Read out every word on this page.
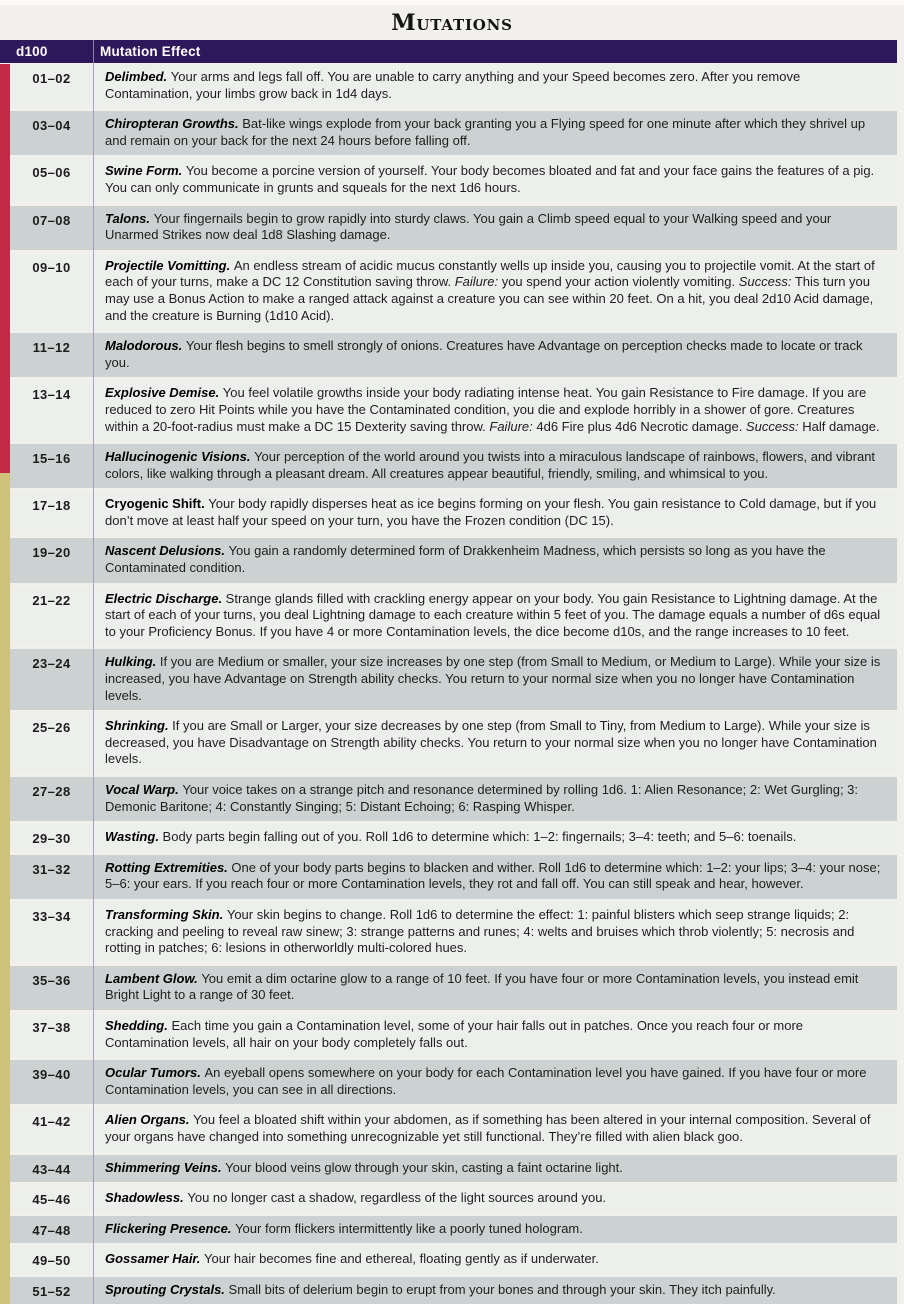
Mutations
d100	Mutation Effect
01–02	Delimbed. Your arms and legs fall off. You are unable to carry anything and your Speed becomes zero. After you remove Contamination, your limbs grow back in 1d4 days.
03–04	Chiropteran Growths. Bat-like wings explode from your back granting you a Flying speed for one minute after which they shrivel up and remain on your back for the next 24 hours before falling off.
05–06	Swine Form. You become a porcine version of yourself. Your body becomes bloated and fat and your face gains the features of a pig. You can only communicate in grunts and squeals for the next 1d6 hours.
07–08	Talons. Your fingernails begin to grow rapidly into sturdy claws. You gain a Climb speed equal to your Walking speed and your Unarmed Strikes now deal 1d8 Slashing damage.
09–10	Projectile Vomitting. An endless stream of acidic mucus constantly wells up inside you, causing you to projectile vomit. At the start of each of your turns, make a DC 12 Constitution saving throw. Failure: you spend your action violently vomiting. Success: This turn you may use a Bonus Action to make a ranged attack against a creature you can see within 20 feet. On a hit, you deal 2d10 Acid damage, and the creature is Burning (1d10 Acid).
11–12	Malodorous. Your flesh begins to smell strongly of onions. Creatures have Advantage on perception checks made to locate or track you.
13–14	Explosive Demise. You feel volatile growths inside your body radiating intense heat. You gain Resistance to Fire damage. If you are reduced to zero Hit Points while you have the Contaminated condition, you die and explode horribly in a shower of gore. Creatures within a 20-foot-radius must make a DC 15 Dexterity saving throw. Failure: 4d6 Fire plus 4d6 Necrotic damage. Success: Half damage.
15–16	Hallucinogenic Visions. Your perception of the world around you twists into a miraculous landscape of rainbows, flowers, and vibrant colors, like walking through a pleasant dream. All creatures appear beautiful, friendly, smiling, and whimsical to you.
17–18	Cryogenic Shift. Your body rapidly disperses heat as ice begins forming on your flesh. You gain resistance to Cold damage, but if you don’t move at least half your speed on your turn, you have the Frozen condition (DC 15).
19–20	Nascent Delusions. You gain a randomly determined form of Drakkenheim Madness, which persists so long as you have the Contaminated condition.
21–22	Electric Discharge. Strange glands filled with crackling energy appear on your body. You gain Resistance to Lightning damage. At the start of each of your turns, you deal Lightning damage to each creature within 5 feet of you. The damage equals a number of d6s equal to your Proficiency Bonus. If you have 4 or more Contamination levels, the dice become d10s, and the range increases to 10 feet.
23–24	Hulking. If you are Medium or smaller, your size increases by one step (from Small to Medium, or Medium to Large). While your size is increased, you have Advantage on Strength ability checks. You return to your normal size when you no longer have Contamination levels.
25–26	Shrinking. If you are Small or Larger, your size decreases by one step (from Small to Tiny, from Medium to Large). While your size is decreased, you have Disadvantage on Strength ability checks. You return to your normal size when you no longer have Contamination levels.
27–28	Vocal Warp. Your voice takes on a strange pitch and resonance determined by rolling 1d6. 1: Alien Resonance; 2: Wet Gurgling; 3: Demonic Baritone; 4: Constantly Singing; 5: Distant Echoing; 6: Rasping Whisper.
29–30	Wasting. Body parts begin falling out of you. Roll 1d6 to determine which: 1–2: fingernails; 3–4: teeth; and 5–6: toenails.
31–32	Rotting Extremities. One of your body parts begins to blacken and wither. Roll 1d6 to determine which: 1–2: your lips; 3–4: your nose; 5–6: your ears. If you reach four or more Contamination levels, they rot and fall off. You can still speak and hear, however.
33–34	Transforming Skin. Your skin begins to change. Roll 1d6 to determine the effect: 1: painful blisters which seep strange liquids; 2: cracking and peeling to reveal raw sinew; 3: strange patterns and runes; 4: welts and bruises which throb violently; 5: necrosis and rotting in patches; 6: lesions in otherworldly multi-colored hues.
35–36	Lambent Glow. You emit a dim octarine glow to a range of 10 feet. If you have four or more Contamination levels, you instead emit Bright Light to a range of 30 feet.
37–38	Shedding. Each time you gain a Contamination level, some of your hair falls out in patches. Once you reach four or more Contamination levels, all hair on your body completely falls out.
39–40	Ocular Tumors. An eyeball opens somewhere on your body for each Contamination level you have gained. If you have four or more Contamination levels, you can see in all directions.
41–42	Alien Organs. You feel a bloated shift within your abdomen, as if something has been altered in your internal composition. Several of your organs have changed into something unrecognizable yet still functional. They’re filled with alien black goo.
43–44	Shimmering Veins. Your blood veins glow through your skin, casting a faint octarine light.
45–46	Shadowless. You no longer cast a shadow, regardless of the light sources around you.
47–48	Flickering Presence. Your form flickers intermittently like a poorly tuned hologram.
49–50	Gossamer Hair. Your hair becomes fine and ethereal, floating gently as if underwater.
51–52	Sprouting Crystals. Small bits of delerium begin to erupt from your bones and through your skin. They itch painfully.
